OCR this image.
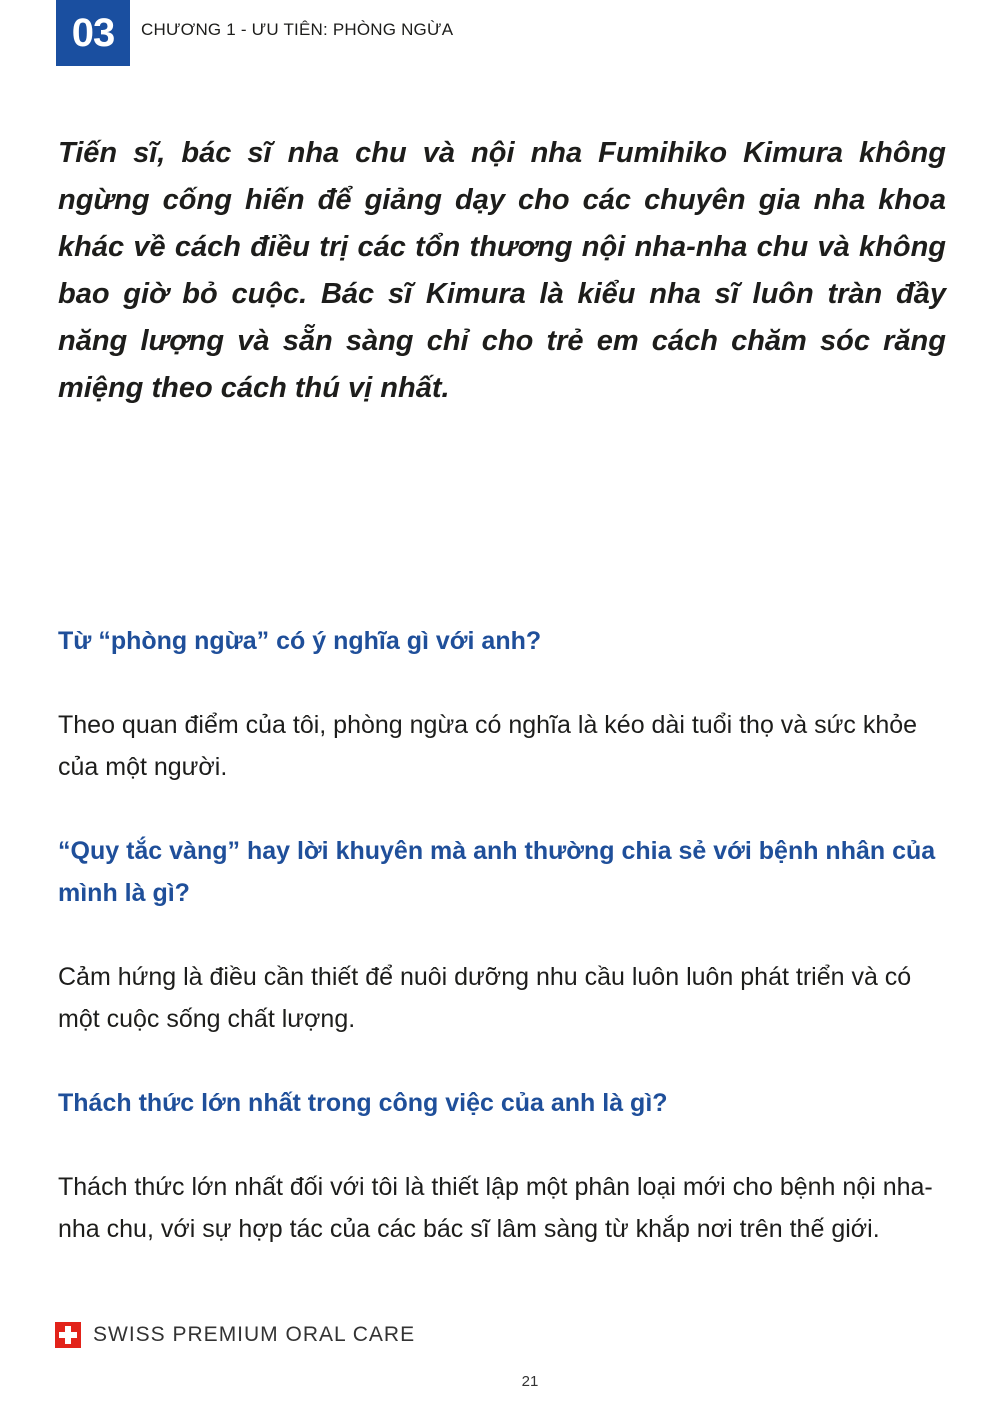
03	CHƯƠNG 1 - ƯU TIÊN: PHÒNG NGỪA

Tiến sĩ, bác sĩ nha chu và nội nha Fumihiko Kimura không ngừng cống hiến để giảng dạy cho các chuyên gia nha khoa khác về cách điều trị các tổn thương nội nha-nha chu và không bao giờ bỏ cuộc. Bác sĩ Kimura là kiểu nha sĩ luôn tràn đầy năng lượng và sẵn sàng chỉ cho trẻ em cách chăm sóc răng miệng theo cách thú vị nhất.

Từ “phòng ngừa” có ý nghĩa gì với anh?

Theo quan điểm của tôi, phòng ngừa có nghĩa là kéo dài tuổi thọ và sức khỏe của một người.

“Quy tắc vàng” hay lời khuyên mà anh thường chia sẻ với bệnh nhân của mình là gì?

Cảm hứng là điều cần thiết để nuôi dưỡng nhu cầu luôn luôn phát triển và có một cuộc sống chất lượng.

Thách thức lớn nhất trong công việc của anh là gì?

Thách thức lớn nhất đối với tôi là thiết lập một phân loại mới cho bệnh nội nha-nha chu, với sự hợp tác của các bác sĩ lâm sàng từ khắp nơi trên thế giới.

SWISS PREMIUM ORAL CARE
21
